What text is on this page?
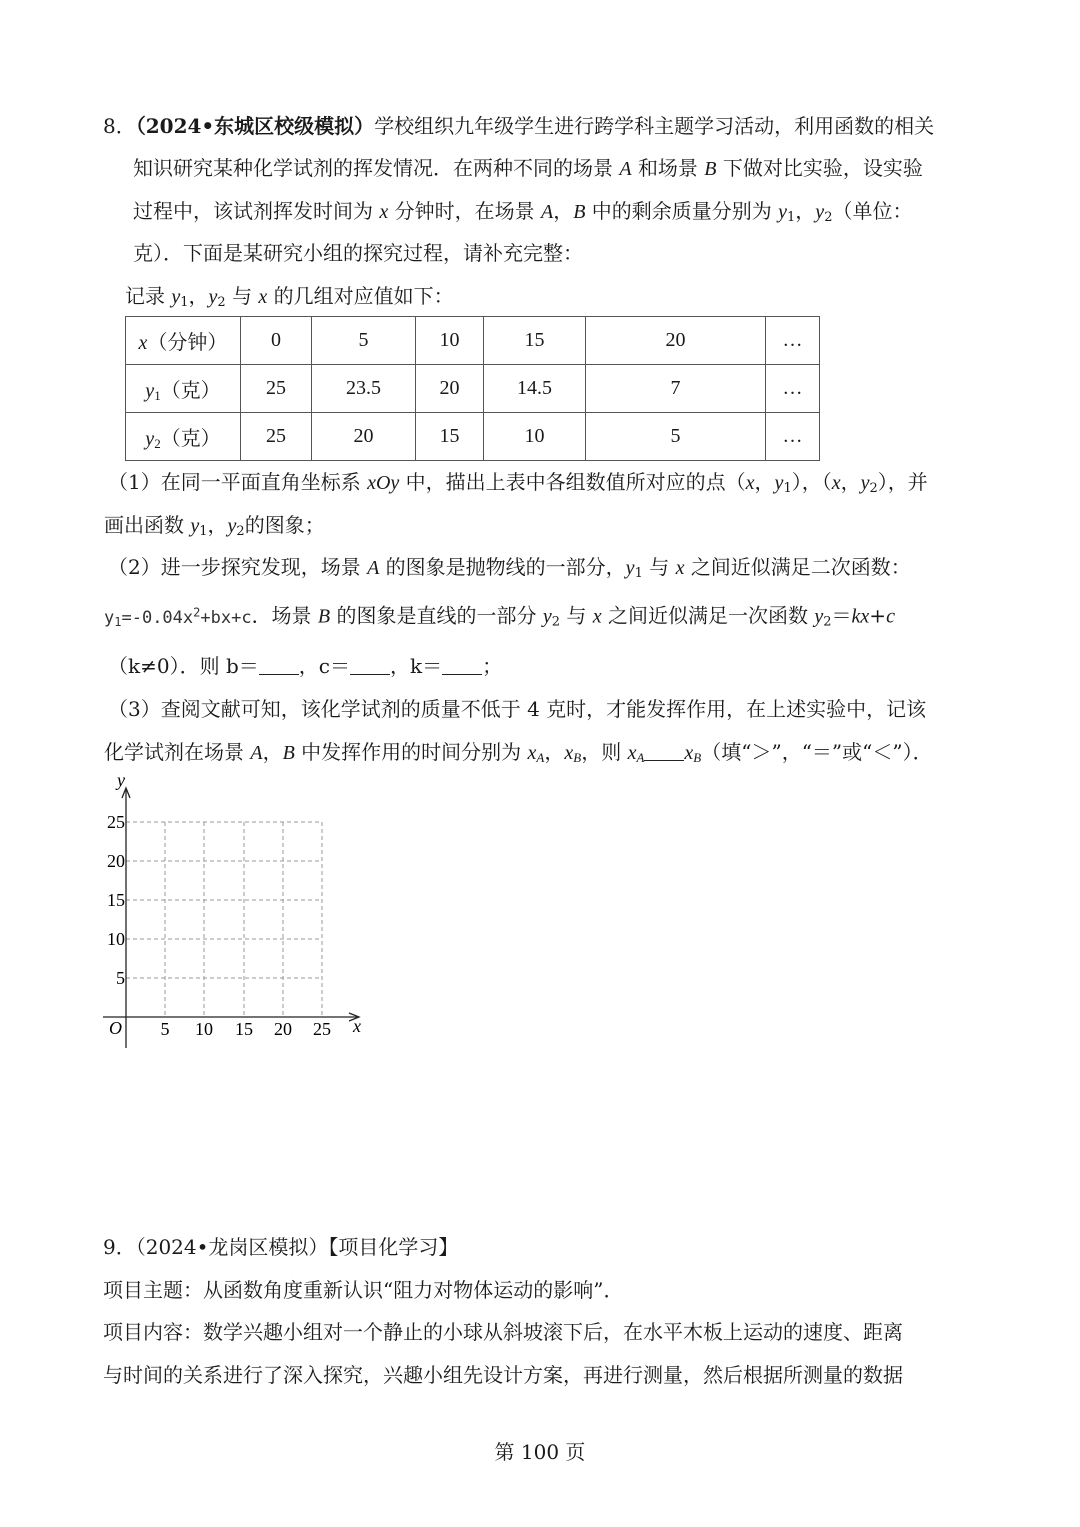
8．（2024•东城区校级模拟）学校组织九年级学生进行跨学科主题学习活动，利用函数的相关
知识研究某种化学试剂的挥发情况．在两种不同的场景 A 和场景 B 下做对比实验，设实验
过程中，该试剂挥发时间为 x 分钟时，在场景 A，B 中的剩余质量分别为 $y_1$，$y_2$（单位：
克）．下面是某研究小组的探究过程，请补充完整：
记录 $y_1$，$y_2$ 与 x 的几组对应值如下：
x（分钟）	0	5	10	15	20	…
$y_1$（克）	25	23.5	20	14.5	7	…
$y_2$（克）	25	20	15	10	5	…
（1）在同一平面直角坐标系 xOy 中，描出上表中各组数值所对应的点（x，$y_1$），（x，$y_2$），并
画出函数 $y_1$，$y_2$的图象；
（2）进一步探究发现，场景 A 的图象是抛物线的一部分，$y_1$ 与 x 之间近似满足二次函数：
$y_1=-0.04x^2+bx+c$．场景 B 的图象是直线的一部分 $y_2$ 与 x 之间近似满足一次函数 $y_2=kx+c$
（k≠0）．则 b＝ ，c＝ ，k＝ ；
（3）查阅文献可知，该化学试剂的质量不低于 4 克时，才能发挥作用，在上述实验中，记该
化学试剂在场景 A，B 中发挥作用的时间分别为 $x_A$，$x_B$，则 $x_A$ $x_B$（填“＞”，“＝”或“＜”）．
y
x
O 5 10 15 20 25
25
20
15
10
5
9．（2024•龙岗区模拟）【项目化学习】
项目主题：从函数角度重新认识“阻力对物体运动的影响”．
项目内容：数学兴趣小组对一个静止的小球从斜坡滚下后，在水平木板上运动的速度、距离
与时间的关系进行了深入探究，兴趣小组先设计方案，再进行测量，然后根据所测量的数据
第 100 页
